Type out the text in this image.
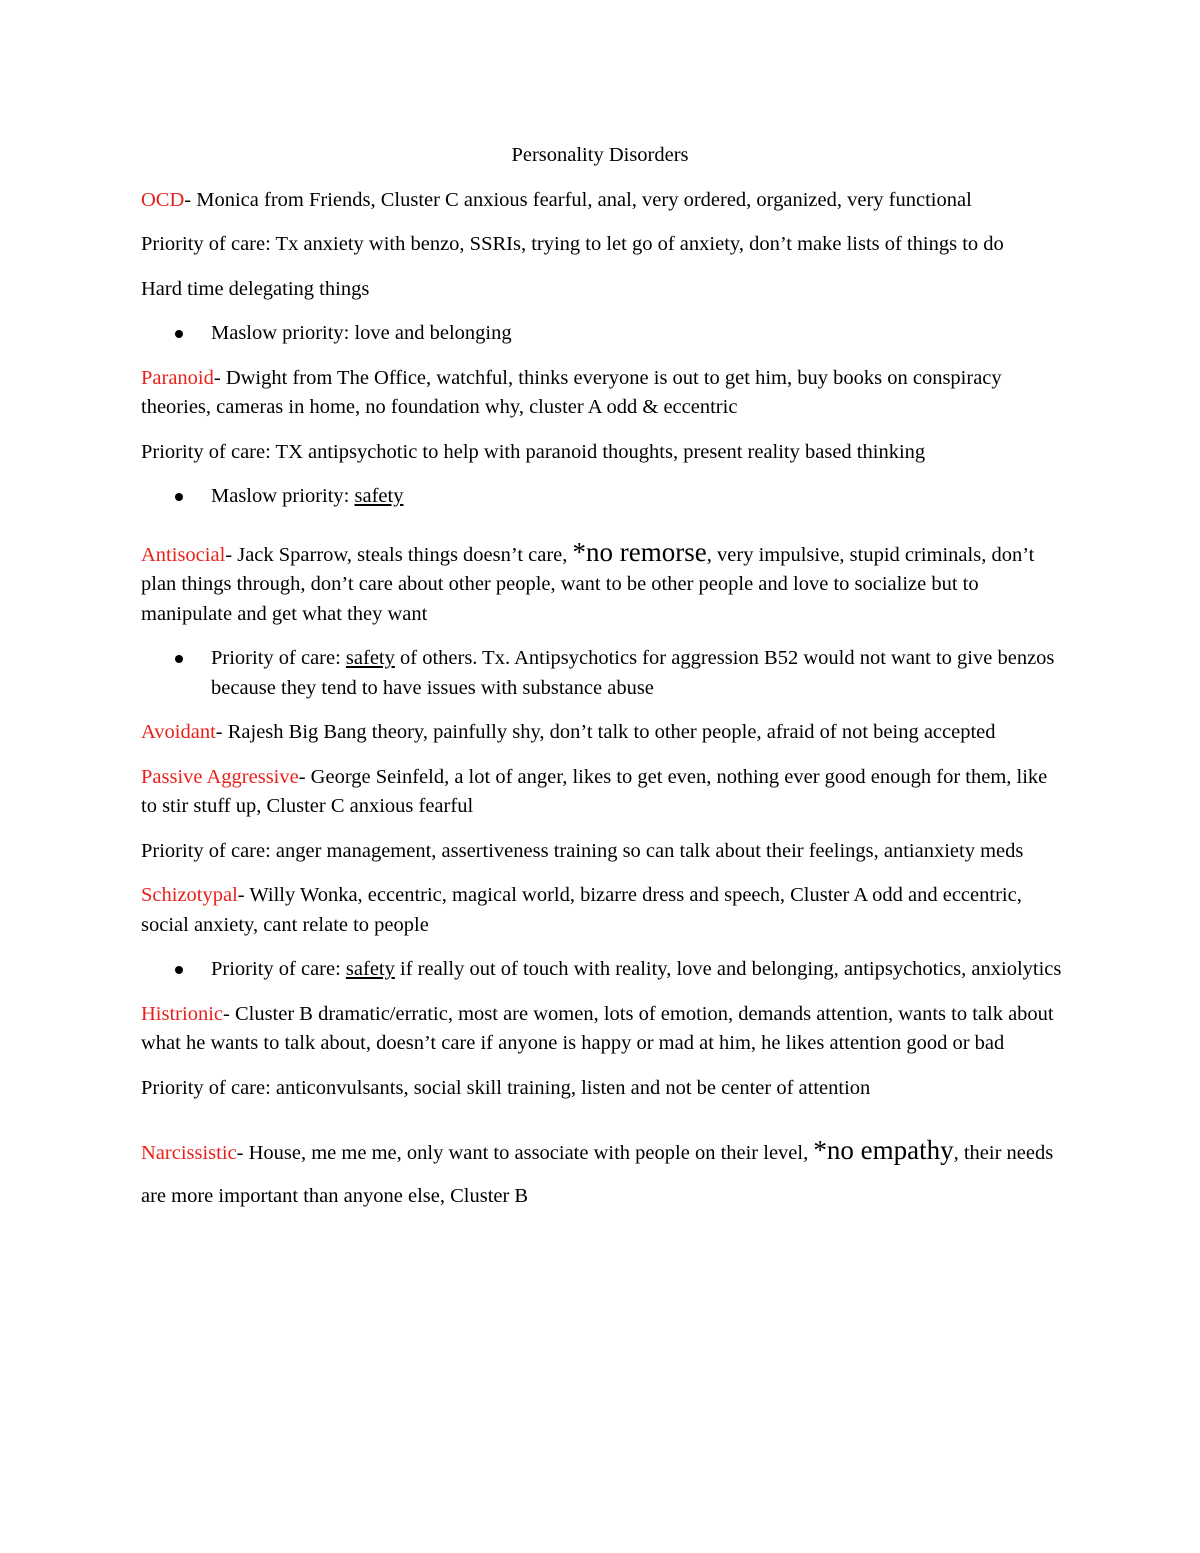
Personality Disorders

OCD- Monica from Friends, Cluster C anxious fearful, anal, very ordered, organized, very functional

Priority of care: Tx anxiety with benzo, SSRIs, trying to let go of anxiety, don’t make lists of things to do

Hard time delegating things

Maslow priority: love and belonging

Paranoid- Dwight from The Office, watchful, thinks everyone is out to get him, buy books on conspiracy theories, cameras in home, no foundation why, cluster A odd & eccentric

Priority of care: TX antipsychotic to help with paranoid thoughts, present reality based thinking

Maslow priority: safety

Antisocial- Jack Sparrow, steals things doesn’t care, *no remorse, very impulsive, stupid criminals, don’t plan things through, don’t care about other people, want to be other people and love to socialize but to manipulate and get what they want

Priority of care: safety of others. Tx. Antipsychotics for aggression B52 would not want to give benzos because they tend to have issues with substance abuse

Avoidant- Rajesh Big Bang theory, painfully shy, don’t talk to other people, afraid of not being accepted

Passive Aggressive- George Seinfeld, a lot of anger, likes to get even, nothing ever good enough for them, like to stir stuff up, Cluster C anxious fearful

Priority of care: anger management, assertiveness training so can talk about their feelings, antianxiety meds

Schizotypal- Willy Wonka, eccentric, magical world, bizarre dress and speech, Cluster A odd and eccentric, social anxiety, cant relate to people

Priority of care: safety if really out of touch with reality, love and belonging, antipsychotics, anxiolytics

Histrionic- Cluster B dramatic/erratic, most are women, lots of emotion, demands attention, wants to talk about what he wants to talk about, doesn’t care if anyone is happy or mad at him, he likes attention good or bad

Priority of care: anticonvulsants, social skill training, listen and not be center of attention

Narcissistic- House, me me me, only want to associate with people on their level, *no empathy, their needs are more important than anyone else, Cluster B
